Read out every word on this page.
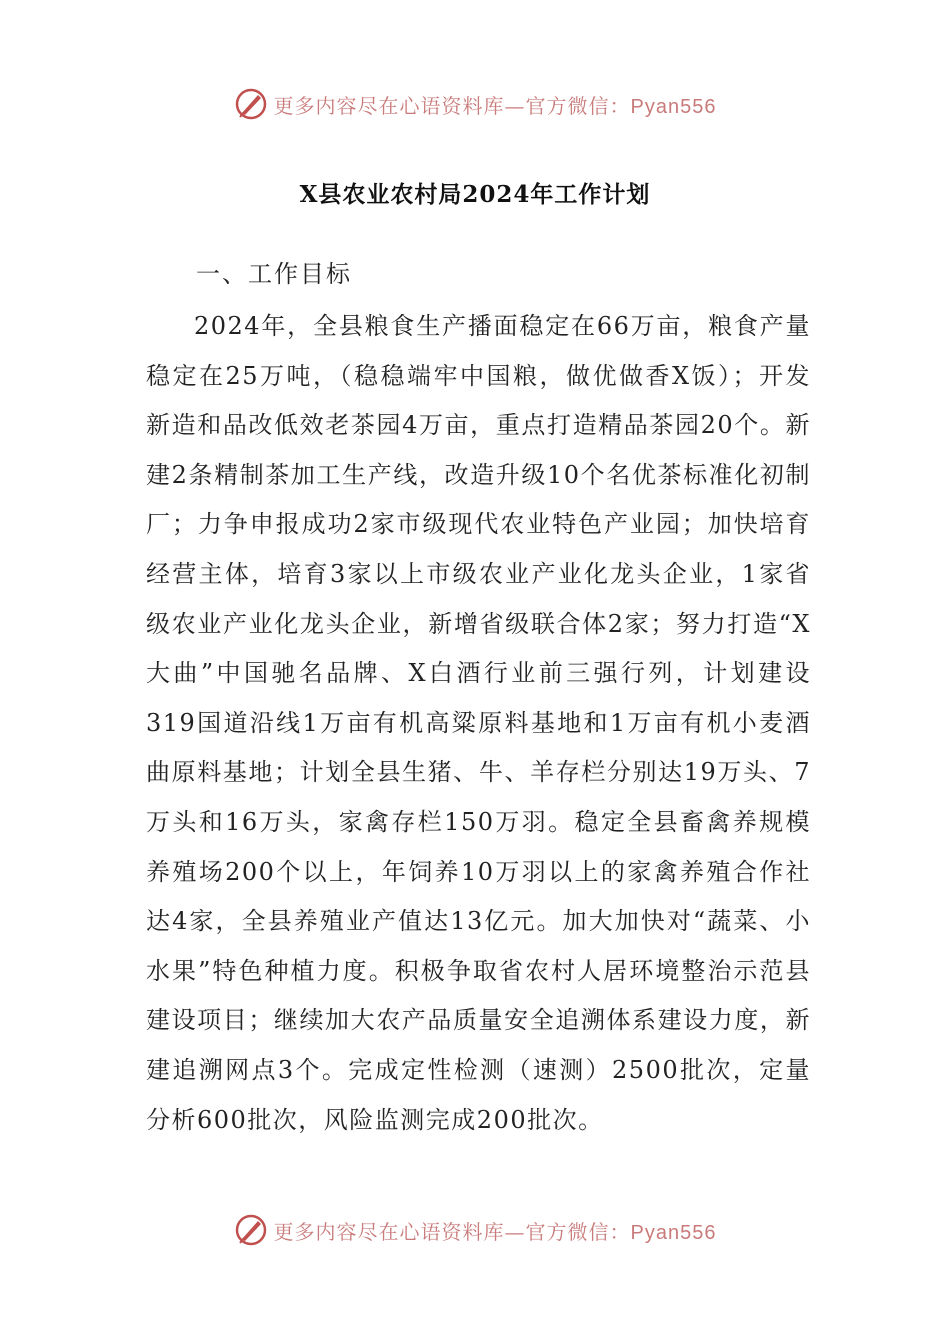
更多内容尽在心语资料库—官方微信：Pyan556
X县农业农村局2024年工作计划
一、工作目标

2024年，全县粮食生产播面稳定在66万亩，粮食产量稳定在25万吨，（稳稳端牢中国粮，做优做香X饭）；开发新造和品改低效老茶园4万亩，重点打造精品茶园20个。新建2条精制茶加工生产线，改造升级10个名优茶标准化初制厂；力争申报成功2家市级现代农业特色产业园；加快培育经营主体，培育3家以上市级农业产业化龙头企业，1家省级农业产业化龙头企业，新增省级联合体2家；努力打造“X大曲”中国驰名品牌、X白酒行业前三强行列，计划建设319国道沿线1万亩有机高粱原料基地和1万亩有机小麦酒曲原料基地；计划全县生猪、牛、羊存栏分别达19万头、7万头和16万头，家禽存栏150万羽。稳定全县畜禽养规模养殖场200个以上，年饲养10万羽以上的家禽养殖合作社达4家，全县养殖业产值达13亿元。加大加快对“蔬菜、小水果”特色种植力度。积极争取省农村人居环境整治示范县建设项目；继续加大农产品质量安全追溯体系建设力度，新建追溯网点3个。完成定性检测（速测）2500批次，定量分析600批次，风险监测完成200批次。

更多内容尽在心语资料库—官方微信：Pyan556
